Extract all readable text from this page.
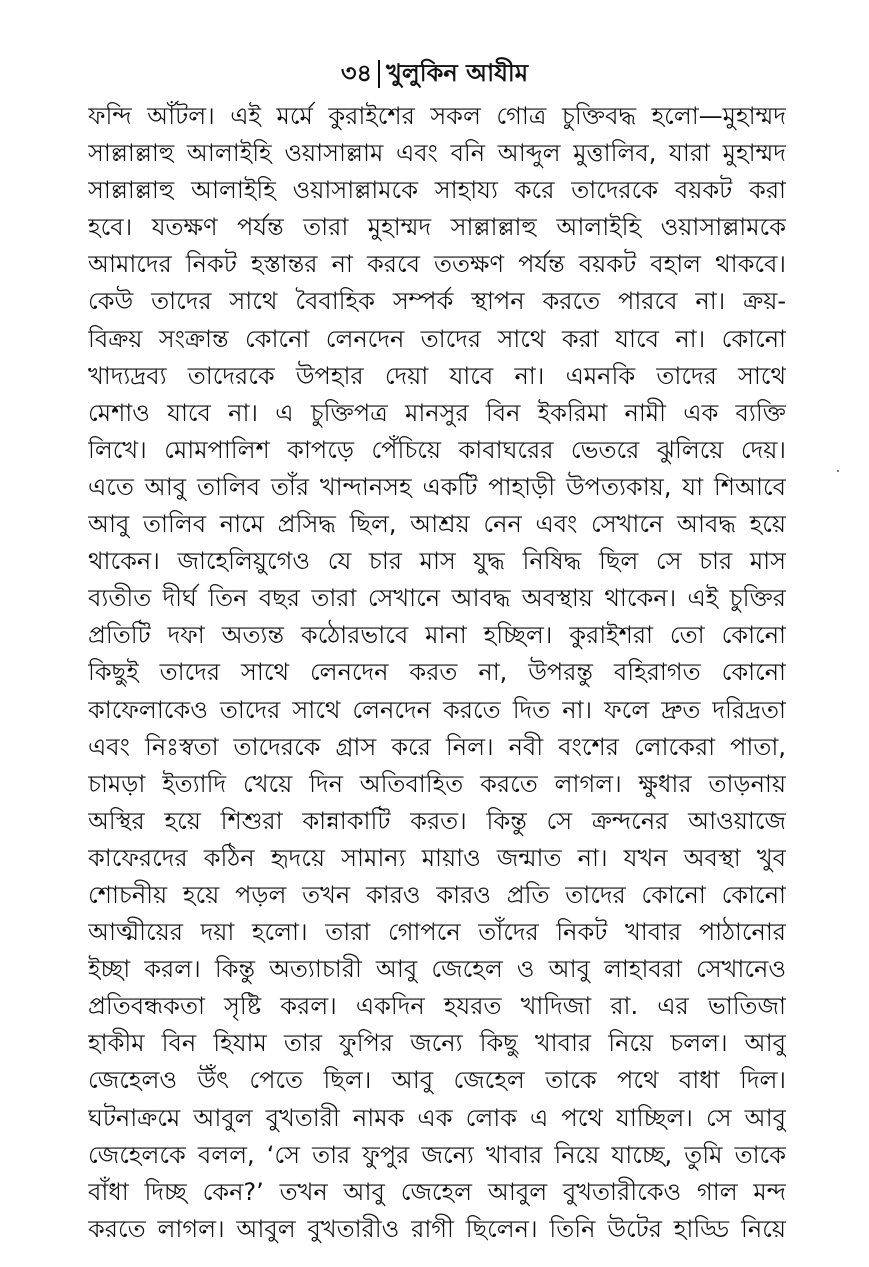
৩৪ খুলুকিন আযীম
ফন্দি আঁটল। এই মর্মে কুরাইশের সকল গোত্র চুক্তিবদ্ধ হলো—মুহাম্মদ
সাল্লাল্লাহু আলাইহি ওয়াসাল্লাম এবং বনি আব্দুল মুত্তালিব, যারা মুহাম্মদ
সাল্লাল্লাহু আলাইহি ওয়াসাল্লামকে সাহায্য করে তাদেরকে বয়কট করা
হবে। যতক্ষণ পর্যন্ত তারা মুহাম্মদ সাল্লাল্লাহু আলাইহি ওয়াসাল্লামকে
আমাদের নিকট হস্তান্তর না করবে ততক্ষণ পর্যন্ত বয়কট বহাল থাকবে।
কেউ তাদের সাথে বৈবাহিক সম্পর্ক স্থাপন করতে পারবে না। ক্রয়-
বিক্রয় সংক্রান্ত কোনো লেনদেন তাদের সাথে করা যাবে না। কোনো
খাদ্যদ্রব্য তাদেরকে উপহার দেয়া যাবে না। এমনকি তাদের সাথে
মেশাও যাবে না। এ চুক্তিপত্র মানসুর বিন ইকরিমা নামী এক ব্যক্তি
লিখে। মোমপালিশ কাপড়ে পেঁচিয়ে কাবাঘরের ভেতরে ঝুলিয়ে দেয়।
এতে আবু তালিব তাঁর খান্দানসহ একটি পাহাড়ী উপত্যকায়, যা শিআবে
আবু তালিব নামে প্রসিদ্ধ ছিল, আশ্রয় নেন এবং সেখানে আবদ্ধ হয়ে
থাকেন। জাহেলিয়ুগেও যে চার মাস যুদ্ধ নিষিদ্ধ ছিল সে চার মাস
ব্যতীত দীর্ঘ তিন বছর তারা সেখানে আবদ্ধ অবস্থায় থাকেন। এই চুক্তির
প্রতিটি দফা অত্যন্ত কঠোরভাবে মানা হচ্ছিল। কুরাইশরা তো কোনো
কিছুই তাদের সাথে লেনদেন করত না, উপরন্তু বহিরাগত কোনো
কাফেলাকেও তাদের সাথে লেনদেন করতে দিত না। ফলে দ্রুত দরিদ্রতা
এবং নিঃস্বতা তাদেরকে গ্রাস করে নিল। নবী বংশের লোকেরা পাতা,
চামড়া ইত্যাদি খেয়ে দিন অতিবাহিত করতে লাগল। ক্ষুধার তাড়নায়
অস্থির হয়ে শিশুরা কান্নাকাটি করত। কিন্তু সে ক্রন্দনের আওয়াজে
কাফেরদের কঠিন হৃদয়ে সামান্য মায়াও জন্মাত না। যখন অবস্থা খুব
শোচনীয় হয়ে পড়ল তখন কারও কারও প্রতি তাদের কোনো কোনো
আত্মীয়ের দয়া হলো। তারা গোপনে তাঁদের নিকট খাবার পাঠানোর
ইচ্ছা করল। কিন্তু অত্যাচারী আবু জেহেল ও আবু লাহাবরা সেখানেও
প্রতিবন্ধকতা সৃষ্টি করল। একদিন হযরত খাদিজা রা. এর ভাতিজা
হাকীম বিন হিযাম তার ফুপির জন্যে কিছু খাবার নিয়ে চলল। আবু
জেহেলও উঁৎ পেতে ছিল। আবু জেহেল তাকে পথে বাধা দিল।
ঘটনাক্রমে আবুল বুখতারী নামক এক লোক এ পথে যাচ্ছিল। সে আবু
জেহেলকে বলল, ‘সে তার ফুপুর জন্যে খাবার নিয়ে যাচ্ছে, তুমি তাকে
বাঁধা দিচ্ছ কেন?’ তখন আবু জেহেল আবুল বুখতারীকেও গাল মন্দ
করতে লাগল। আবুল বুখতারীও রাগী ছিলেন। তিনি উটের হাড্ডি নিয়ে
